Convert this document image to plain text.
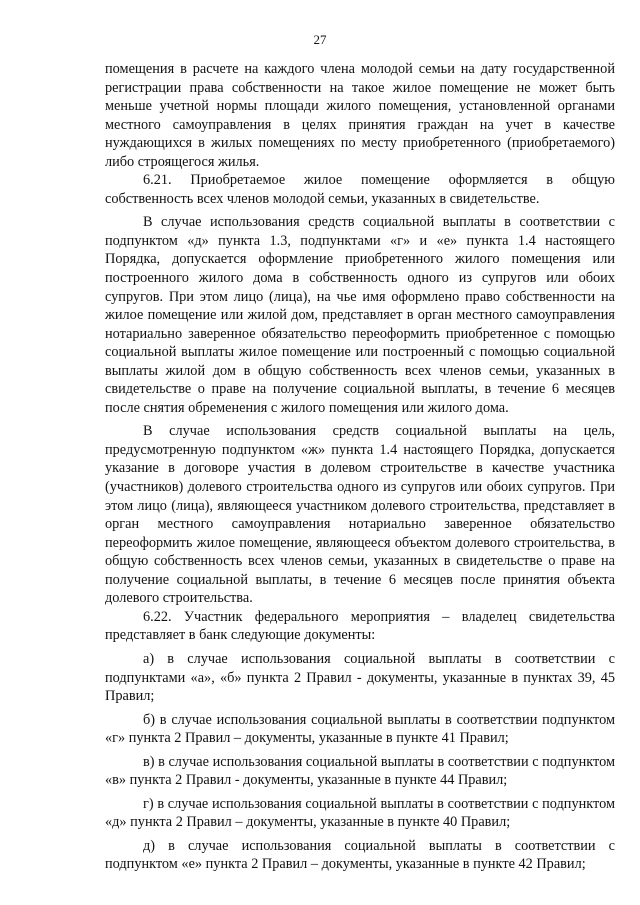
27

помещения в расчете на каждого члена молодой семьи на дату государственной регистрации права собственности на такое жилое помещение не может быть меньше учетной нормы площади жилого помещения, установленной органами местного самоуправления в целях принятия граждан на учет в качестве нуждающихся в жилых помещениях по месту приобретенного (приобретаемого) либо строящегося жилья.

6.21. Приобретаемое жилое помещение оформляется в общую собственность всех членов молодой семьи, указанных в свидетельстве.

В случае использования средств социальной выплаты в соответствии с подпунктом «д» пункта 1.3, подпунктами «г» и «е» пункта 1.4 настоящего Порядка, допускается оформление приобретенного жилого помещения или построенного жилого дома в собственность одного из супругов или обоих супругов. При этом лицо (лица), на чье имя оформлено право собственности на жилое помещение или жилой дом, представляет в орган местного самоуправления нотариально заверенное обязательство переоформить приобретенное с помощью социальной выплаты жилое помещение или построенный с помощью социальной выплаты жилой дом в общую собственность всех членов семьи, указанных в свидетельстве о праве на получение социальной выплаты, в течение 6 месяцев после снятия обременения с жилого помещения или жилого дома.

В случае использования средств социальной выплаты на цель, предусмотренную подпунктом «ж» пункта 1.4 настоящего Порядка, допускается указание в договоре участия в долевом строительстве в качестве участника (участников) долевого строительства одного из супругов или обоих супругов. При этом лицо (лица), являющееся участником долевого строительства, представляет в орган местного самоуправления нотариально заверенное обязательство переоформить жилое помещение, являющееся объектом долевого строительства, в общую собственность всех членов семьи, указанных в свидетельстве о праве на получение социальной выплаты, в течение 6 месяцев после принятия объекта долевого строительства.

6.22. Участник федерального мероприятия – владелец свидетельства представляет в банк следующие документы:

а) в случае использования социальной выплаты в соответствии с подпунктами «а», «б» пункта 2 Правил - документы, указанные в пунктах 39, 45 Правил;

б) в случае использования социальной выплаты в соответствии подпунктом «г» пункта 2 Правил – документы, указанные в пункте 41 Правил;

в) в случае использования социальной выплаты в соответствии с подпунктом «в» пункта 2 Правил - документы, указанные в пункте 44 Правил;

г) в случае использования социальной выплаты в соответствии с подпунктом «д» пункта 2 Правил – документы, указанные в пункте 40 Правил;

д) в случае использования социальной выплаты в соответствии с подпунктом «е» пункта 2 Правил – документы, указанные в пункте 42 Правил;
